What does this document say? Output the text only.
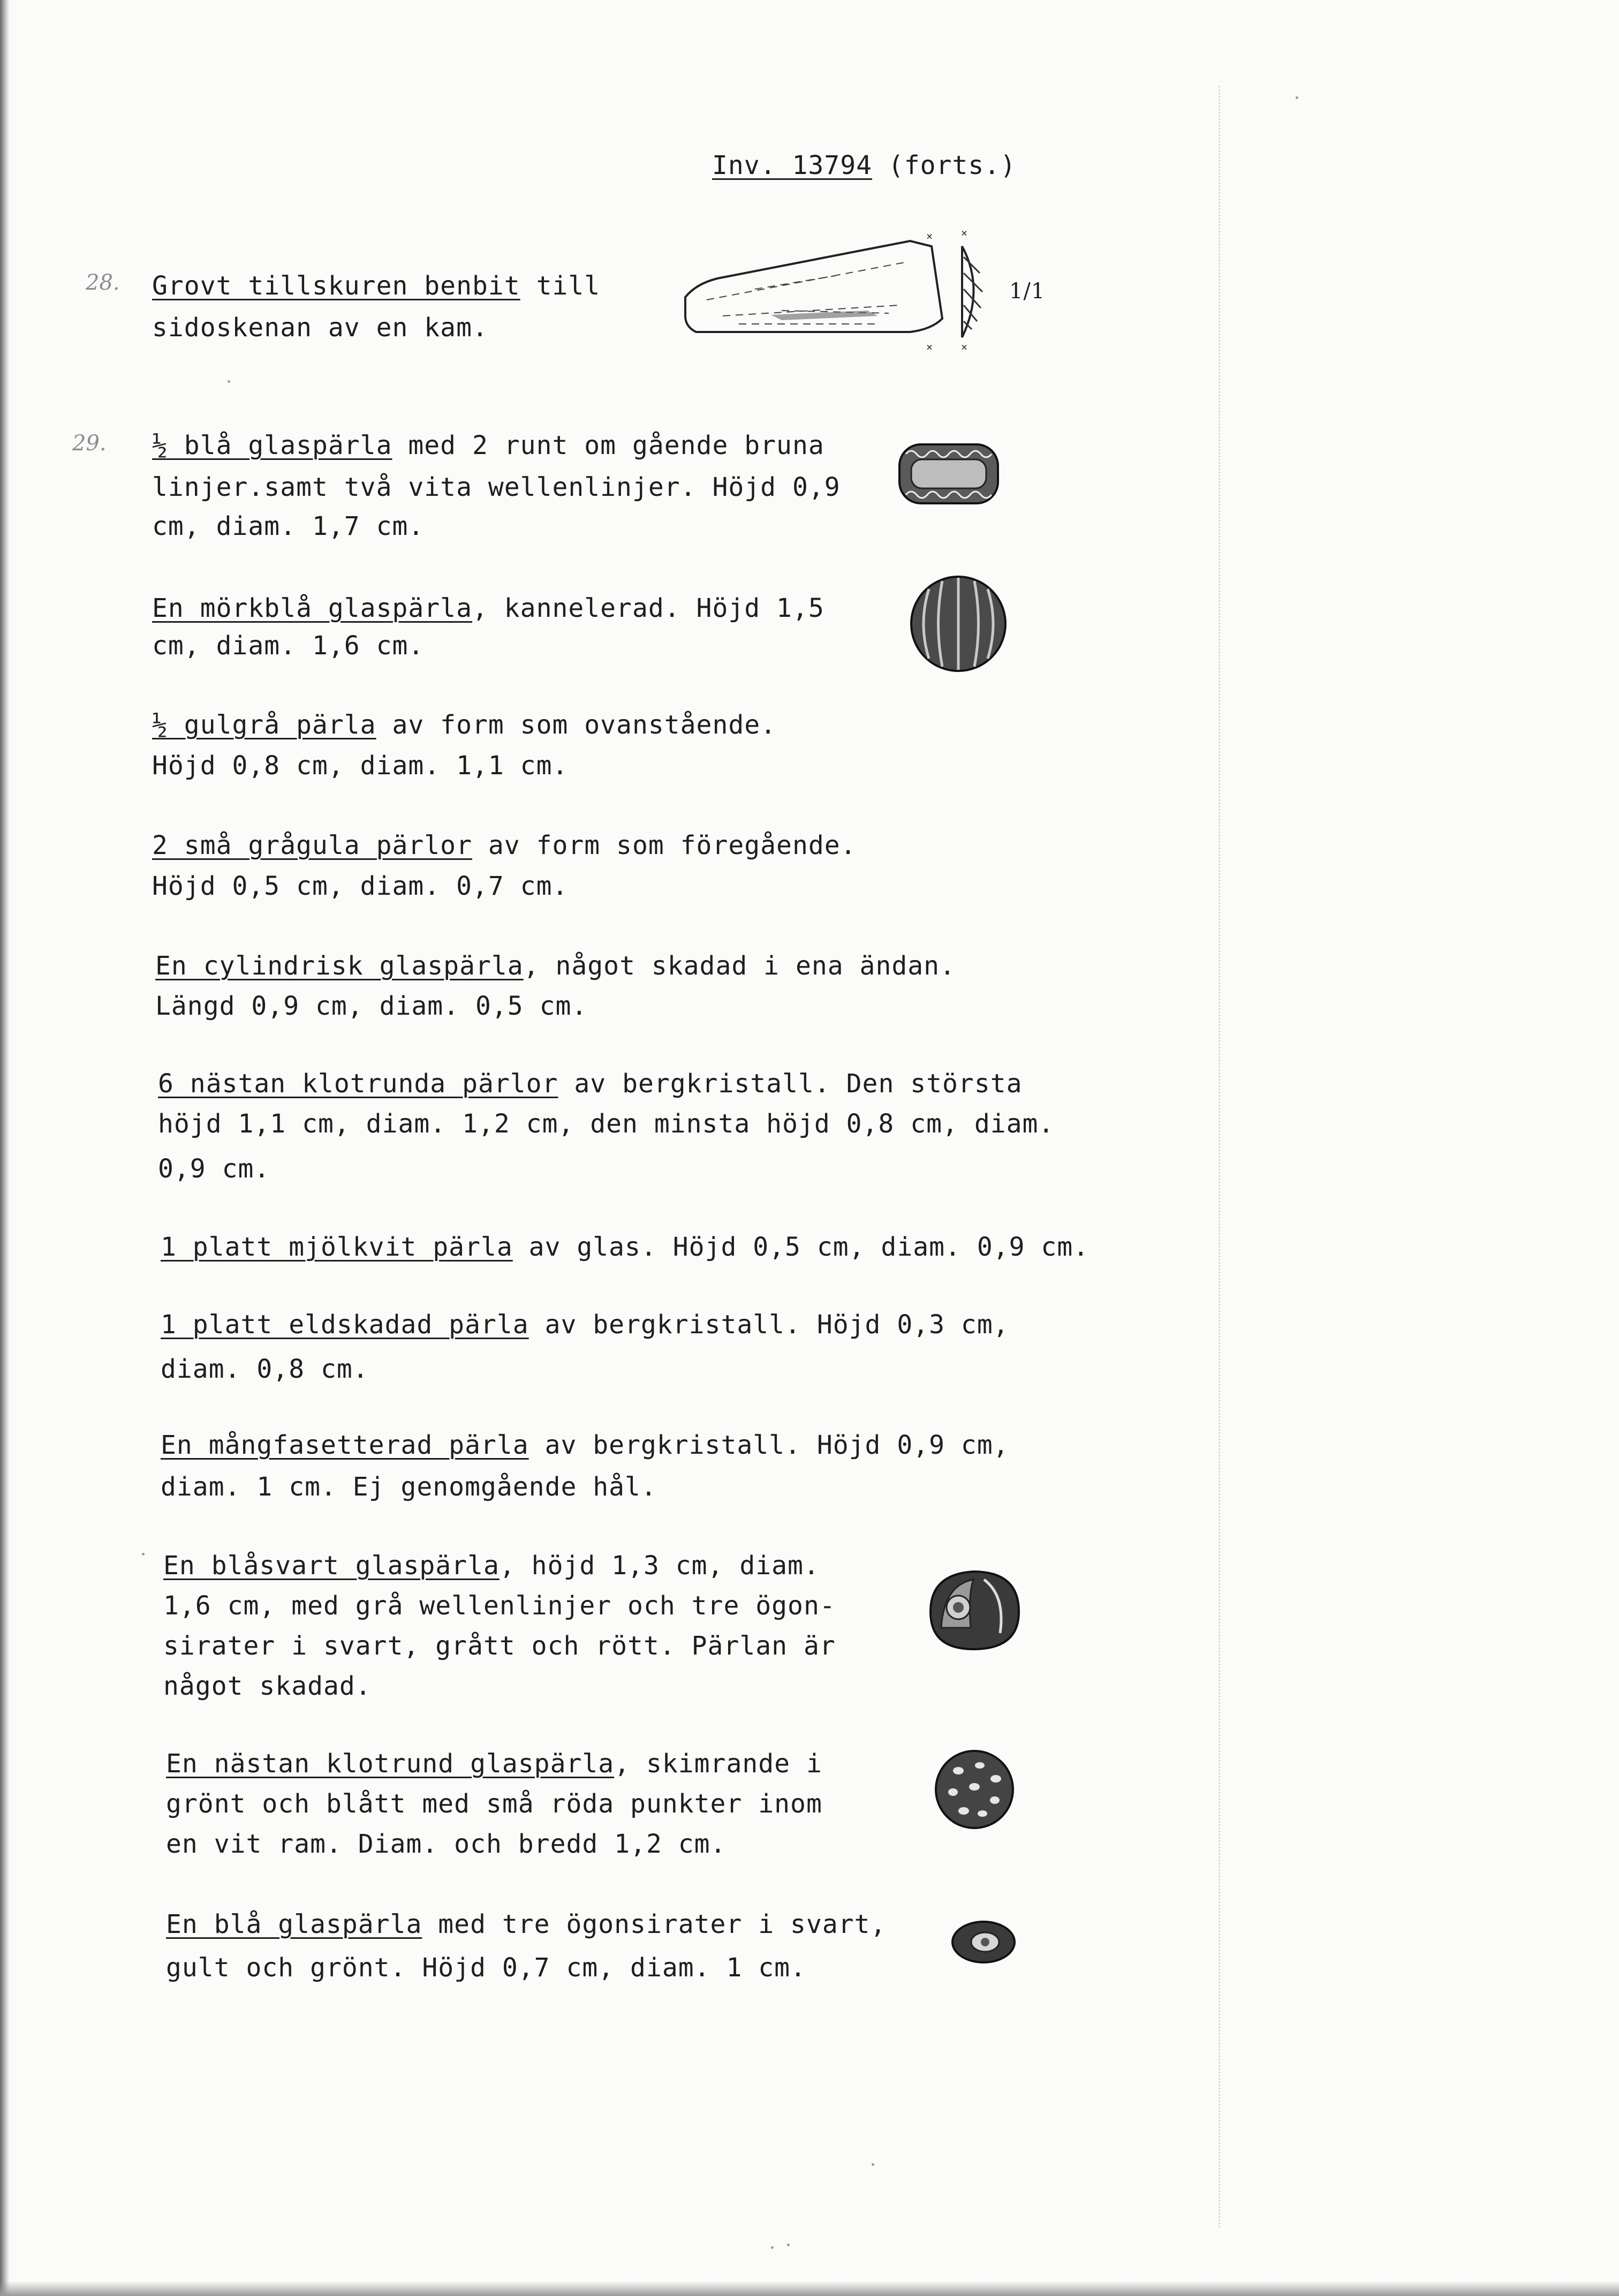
Inv. 13794 (forts.)
28. Grovt tillskuren benbit till
sidoskenan av en kam.
×	×
×	×
1/1
29. ½ blå glaspärla med 2 runt om gående bruna
linjer.samt två vita wellenlinjer. Höjd 0,9
cm, diam. 1,7 cm.
En mörkblå glaspärla, kannelerad. Höjd 1,5
cm, diam. 1,6 cm.
½ gulgrå pärla av form som ovanstående.
Höjd 0,8 cm, diam. 1,1 cm.
2 små grågula pärlor av form som föregående.
Höjd 0,5 cm, diam. 0,7 cm.
En cylindrisk glaspärla, något skadad i ena ändan.
Längd 0,9 cm, diam. 0,5 cm.
6 nästan klotrunda pärlor av bergkristall. Den största
höjd 1,1 cm, diam. 1,2 cm, den minsta höjd 0,8 cm, diam.
0,9 cm.
1 platt mjölkvit pärla av glas. Höjd 0,5 cm, diam. 0,9 cm.
1 platt eldskadad pärla av bergkristall. Höjd 0,3 cm,
diam. 0,8 cm.
En mångfasetterad pärla av bergkristall. Höjd 0,9 cm,
diam. 1 cm. Ej genomgående hål.
En blåsvart glaspärla, höjd 1,3 cm, diam.
1,6 cm, med grå wellenlinjer och tre ögon-
sirater i svart, grått och rött. Pärlan är
något skadad.
En nästan klotrund glaspärla, skimrande i
grönt och blått med små röda punkter inom
en vit ram. Diam. och bredd 1,2 cm.
En blå glaspärla med tre ögonsirater i svart,
gult och grönt. Höjd 0,7 cm, diam. 1 cm.
